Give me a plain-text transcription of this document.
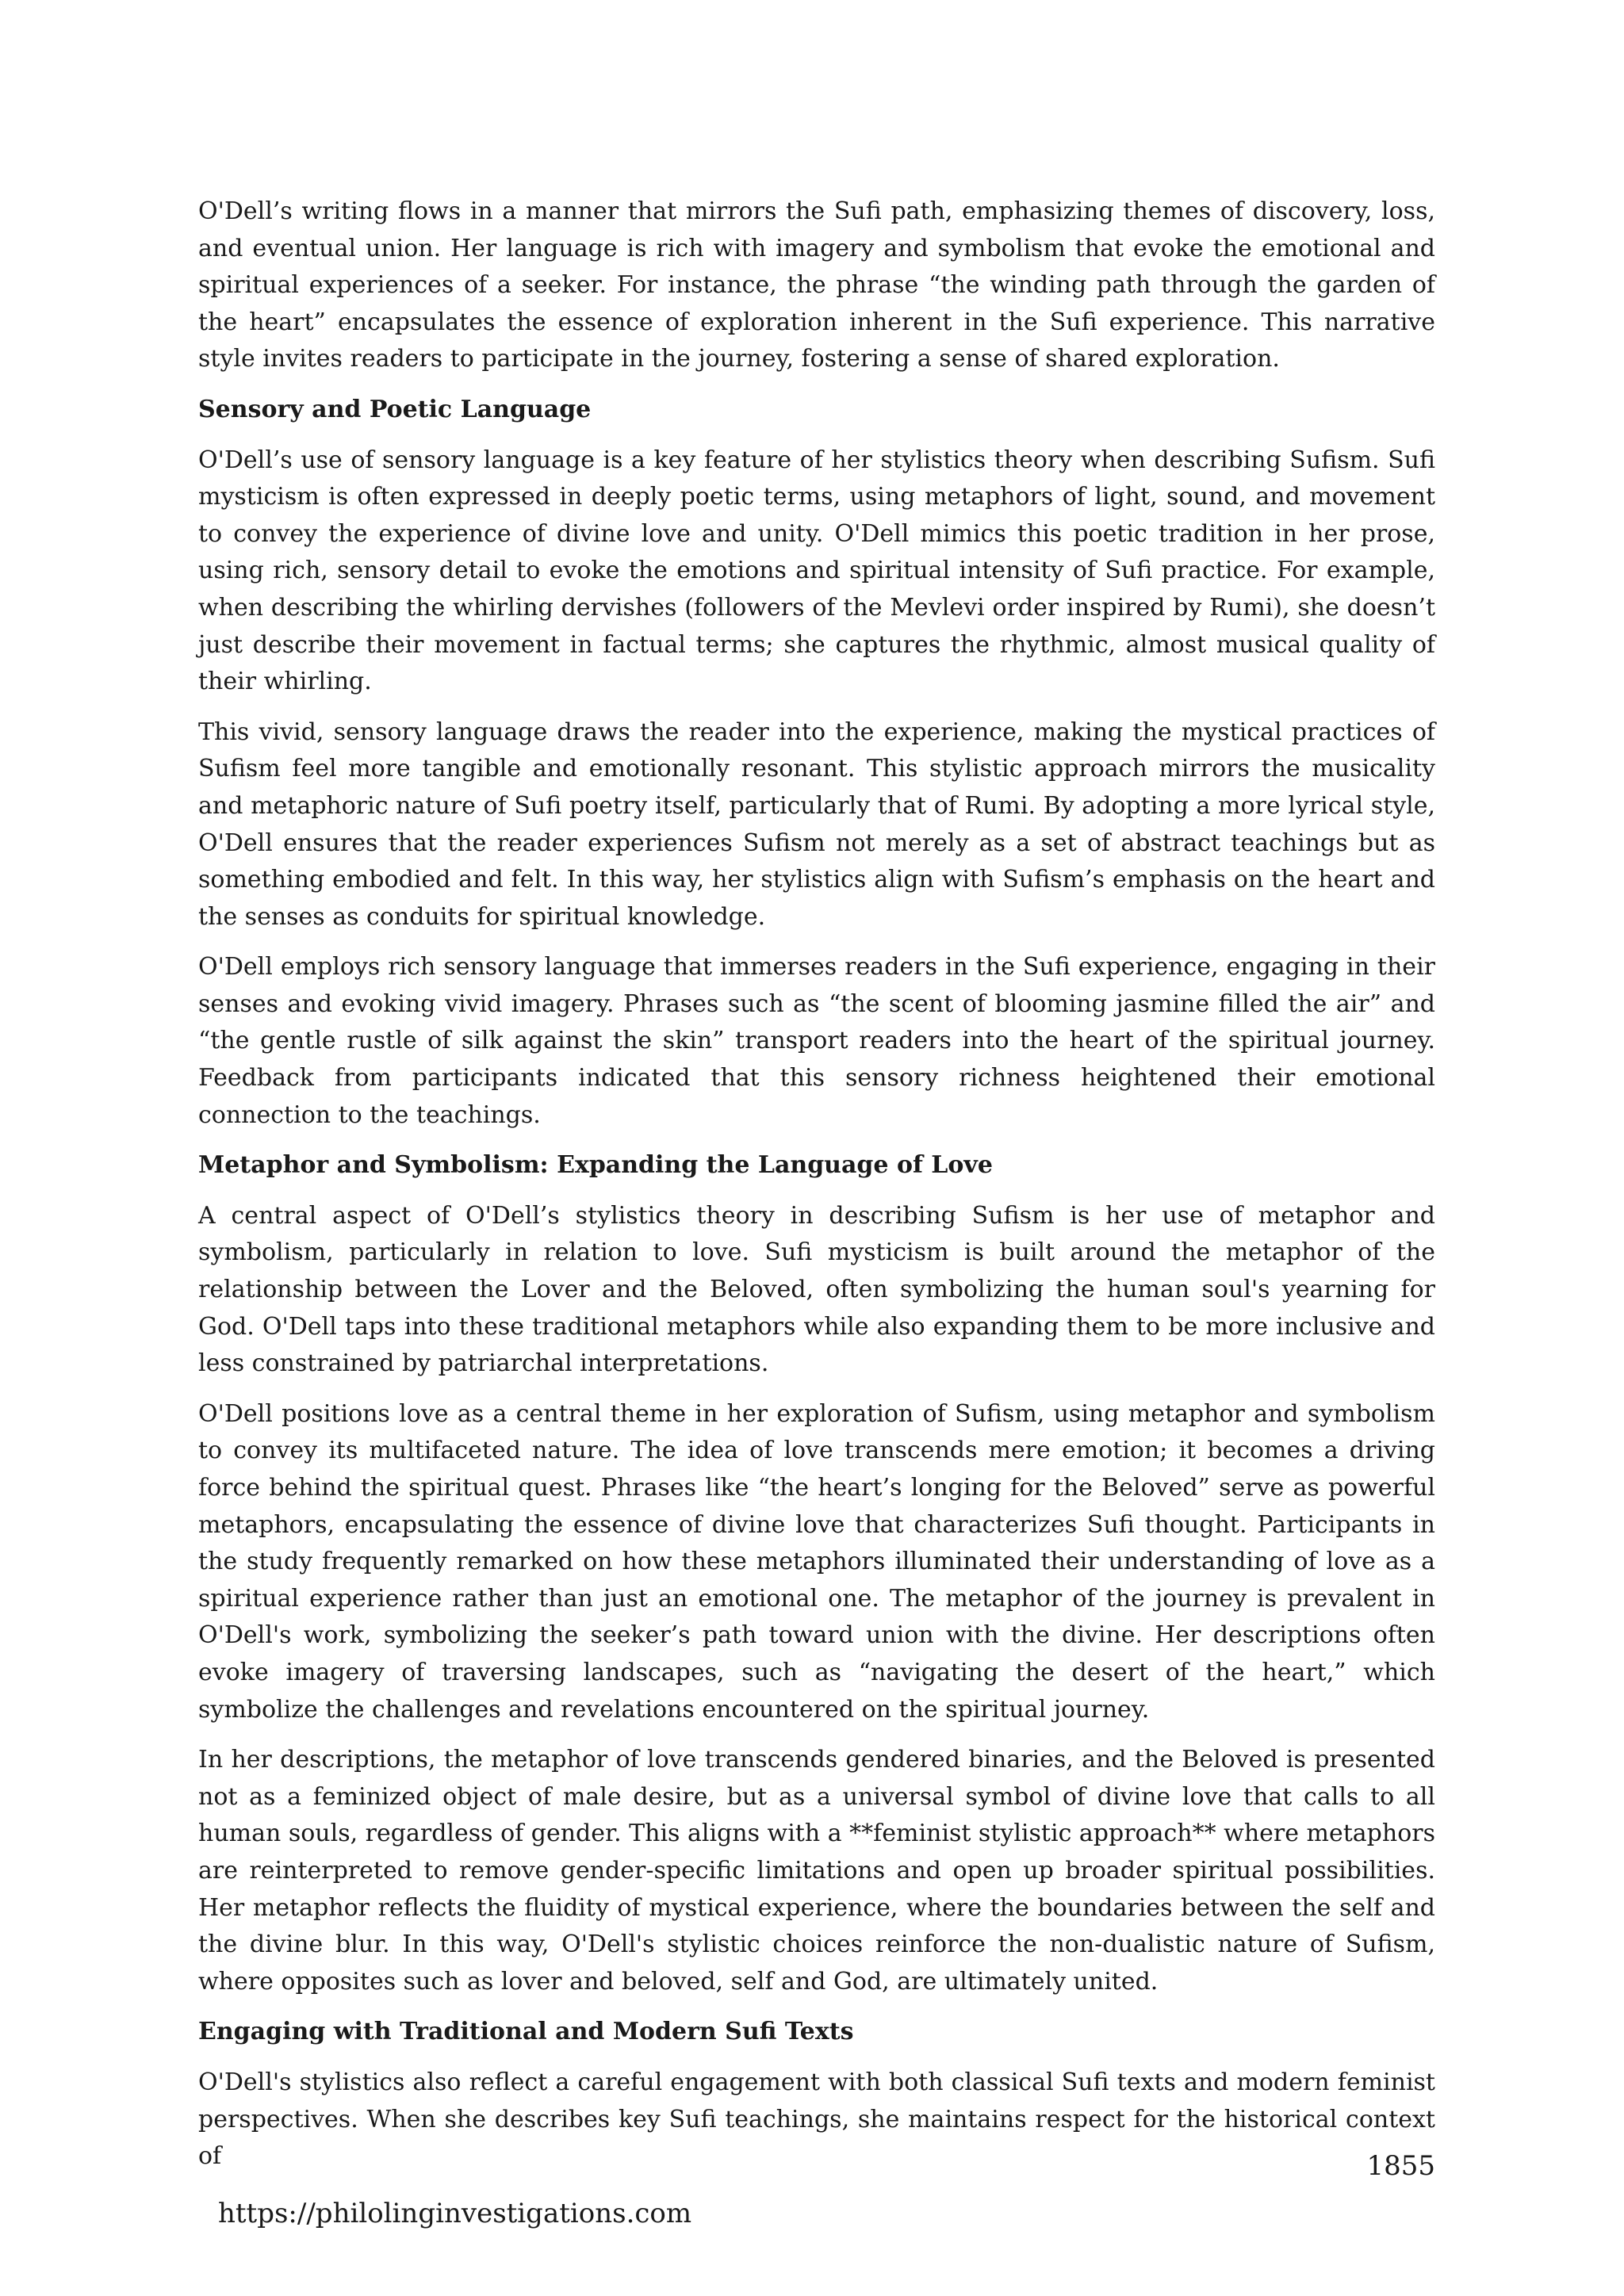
O'Dell’s writing flows in a manner that mirrors the Sufi path, emphasizing themes of discovery, loss, and eventual union. Her language is rich with imagery and symbolism that evoke the emotional and spiritual experiences of a seeker. For instance, the phrase “the winding path through the garden of the heart” encapsulates the essence of exploration inherent in the Sufi experience. This narrative style invites readers to participate in the journey, fostering a sense of shared exploration.

Sensory and Poetic Language

O'Dell’s use of sensory language is a key feature of her stylistics theory when describing Sufism. Sufi mysticism is often expressed in deeply poetic terms, using metaphors of light, sound, and movement to convey the experience of divine love and unity. O'Dell mimics this poetic tradition in her prose, using rich, sensory detail to evoke the emotions and spiritual intensity of Sufi practice. For example, when describing the whirling dervishes (followers of the Mevlevi order inspired by Rumi), she doesn’t just describe their movement in factual terms; she captures the rhythmic, almost musical quality of their whirling.

This vivid, sensory language draws the reader into the experience, making the mystical practices of Sufism feel more tangible and emotionally resonant. This stylistic approach mirrors the musicality and metaphoric nature of Sufi poetry itself, particularly that of Rumi. By adopting a more lyrical style, O'Dell ensures that the reader experiences Sufism not merely as a set of abstract teachings but as something embodied and felt. In this way, her stylistics align with Sufism’s emphasis on the heart and the senses as conduits for spiritual knowledge.

O'Dell employs rich sensory language that immerses readers in the Sufi experience, engaging in their senses and evoking vivid imagery. Phrases such as “the scent of blooming jasmine filled the air” and “the gentle rustle of silk against the skin” transport readers into the heart of the spiritual journey. Feedback from participants indicated that this sensory richness heightened their emotional connection to the teachings.

Metaphor and Symbolism: Expanding the Language of Love

A central aspect of O'Dell’s stylistics theory in describing Sufism is her use of metaphor and symbolism, particularly in relation to love. Sufi mysticism is built around the metaphor of the relationship between the Lover and the Beloved, often symbolizing the human soul's yearning for God. O'Dell taps into these traditional metaphors while also expanding them to be more inclusive and less constrained by patriarchal interpretations.

O'Dell positions love as a central theme in her exploration of Sufism, using metaphor and symbolism to convey its multifaceted nature. The idea of love transcends mere emotion; it becomes a driving force behind the spiritual quest. Phrases like “the heart’s longing for the Beloved” serve as powerful metaphors, encapsulating the essence of divine love that characterizes Sufi thought. Participants in the study frequently remarked on how these metaphors illuminated their understanding of love as a spiritual experience rather than just an emotional one. The metaphor of the journey is prevalent in O'Dell's work, symbolizing the seeker’s path toward union with the divine. Her descriptions often evoke imagery of traversing landscapes, such as “navigating the desert of the heart,” which symbolize the challenges and revelations encountered on the spiritual journey.

In her descriptions, the metaphor of love transcends gendered binaries, and the Beloved is presented not as a feminized object of male desire, but as a universal symbol of divine love that calls to all human souls, regardless of gender. This aligns with a **feminist stylistic approach** where metaphors are reinterpreted to remove gender-specific limitations and open up broader spiritual possibilities. Her metaphor reflects the fluidity of mystical experience, where the boundaries between the self and the divine blur. In this way, O'Dell's stylistic choices reinforce the non-dualistic nature of Sufism, where opposites such as lover and beloved, self and God, are ultimately united.

Engaging with Traditional and Modern Sufi Texts

O'Dell's stylistics also reflect a careful engagement with both classical Sufi texts and modern feminist perspectives. When she describes key Sufi teachings, she maintains respect for the historical context of	1855
https://philolinginvestigations.com
